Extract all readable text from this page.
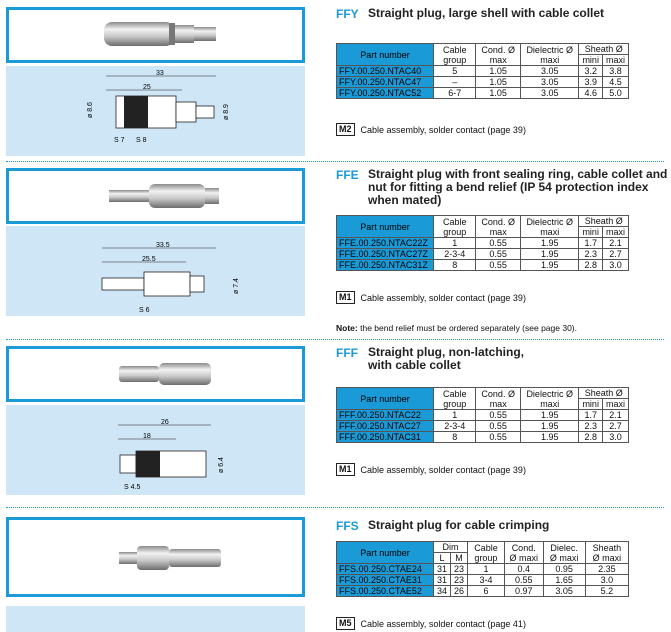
33
25
ø 8.6	ø 8.9
S 7 S 8
FFY Straight plug, large shell with cable collet
Part number	Cable group	Cond. Ø max	Dielectric Ø maxi	Sheath Ø	
				mini	maxi
FFY.00.250.NTAC40	5	1.05	3.05	3.2	3.8
FFY.00.250.NTAC47	–	1.05	3.05	3.9	4.5
FFY.00.250.NTAC52	6-7	1.05	3.05	4.6	5.0
M2	Cable assembly, solder contact (page 39)
33.5
25.5
ø 7.4
S 6
FFE Straight plug with front sealing ring, cable collet and nut for fitting a bend relief (IP 54 protection index when mated)
Part number	Cable group	Cond. Ø max	Dielectric Ø maxi	Sheath Ø	
				mini	maxi
FFE.00.250.NTAC22Z	1	0.55	1.95	1.7	2.1
FFE.00.250.NTAC27Z	2-3-4	0.55	1.95	2.3	2.7
FFE.00.250.NTAC31Z	8	0.55	1.95	2.8	3.0
M1	Cable assembly, solder contact (page 39)
Note: the bend relief must be ordered separately (see page 30).
26
18
ø 6.4
S 4.5
FFF Straight plug, non-latching, with cable collet
Part number	Cable group	Cond. Ø max	Dielectric Ø maxi	Sheath Ø	
				mini	maxi
FFF.00.250.NTAC22	1	0.55	1.95	1.7	2.1
FFF.00.250.NTAC27	2-3-4	0.55	1.95	2.3	2.7
FFF.00.250.NTAC31	8	0.55	1.95	2.8	3.0
M1	Cable assembly, solder contact (page 39)
FFS Straight plug for cable crimping
Part number	Dim		Cable group	Cond. Ø maxi	Dielec. Ø maxi	Sheath Ø maxi
	L	M				
FFS.00.250.CTAE24	31	23	1	0.4	0.95	2.35
FFS.00.250.CTAE31	31	23	3-4	0.55	1.65	3.0
FFS.00.250.CTAE52	34	26	6	0.97	3.05	5.2
M5	Cable assembly, solder contact (page 41)
